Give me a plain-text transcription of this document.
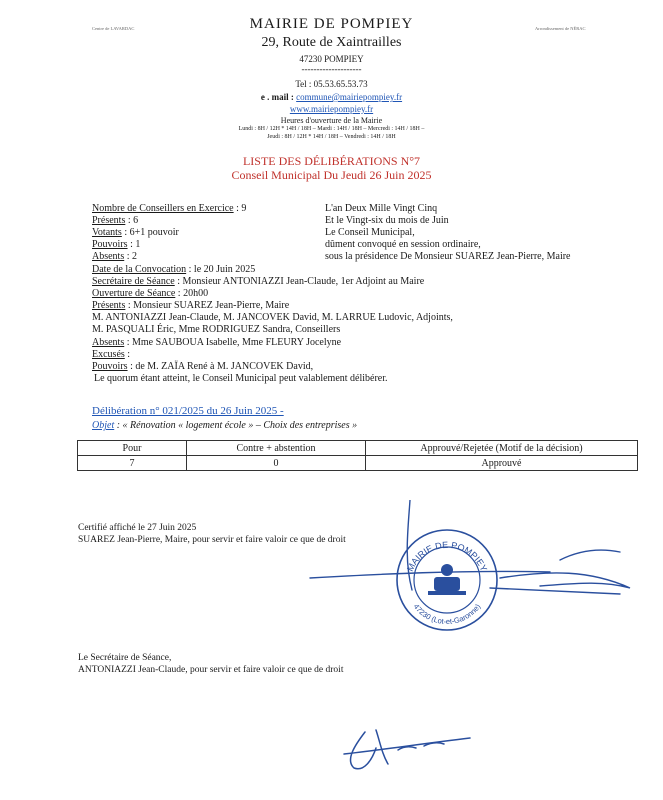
Centre de LAVARDAC	Arrondissement de NÉRAC
MAIRIE DE POMPIEY
29, Route de Xaintrailles
47230 POMPIEY
--------------------
Tel : 05.53.65.53.73
e . mail : commune@mairiepompiey.fr
www.mairiepompiey.fr
Heures d'ouverture de la Mairie
Lundi : 8H / 12H * 14H / 18H – Mardi : 14H / 18H – Mercredi : 14H / 18H –
Jeudi : 8H / 12H * 14H / 18H – Vendredi : 14H / 18H
LISTE DES DÉLIBÉRATIONS N°7
Conseil Municipal Du Jeudi 26 Juin 2025
Nombre de Conseillers en Exercice : 9
Présents : 6
Votants : 6+1 pouvoir
Pouvoirs : 1
Absents : 2
L'an Deux Mille Vingt Cinq
Et le Vingt-six du mois de Juin
Le Conseil Municipal,
dûment convoqué en session ordinaire,
sous la présidence De Monsieur SUAREZ Jean-Pierre, Maire
Date de la Convocation : le 20 Juin 2025
Secrétaire de Séance : Monsieur ANTONIAZZI Jean-Claude, 1er Adjoint au Maire
Ouverture de Séance : 20h00
Présents : Monsieur SUAREZ Jean-Pierre, Maire
M. ANTONIAZZI Jean-Claude, M. JANCOVEK David, M. LARRUE Ludovic, Adjoints,
M. PASQUALI Éric, Mme RODRIGUEZ Sandra, Conseillers
Absents : Mme SAUBOUA Isabelle, Mme FLEURY Jocelyne
Excusés :
Pouvoirs : de M. ZAÏA René à M. JANCOVEK David,
Le quorum étant atteint, le Conseil Municipal peut valablement délibérer.
Délibération n° 021/2025 du 26 Juin 2025 -
Objet : « Rénovation « logement école » – Choix des entreprises »
Pour	Contre + abstention	Approuvé/Rejetée (Motif de la décision)
7	0	Approuvé
Certifié affiché le 27 Juin 2025
SUAREZ Jean-Pierre, Maire, pour servir et faire valoir ce que de droit
MAIRIE DE POMPIEY
47230 (Lot-et-Garonne)
Le Secrétaire de Séance,
ANTONIAZZI Jean-Claude, pour servir et faire valoir ce que de droit
